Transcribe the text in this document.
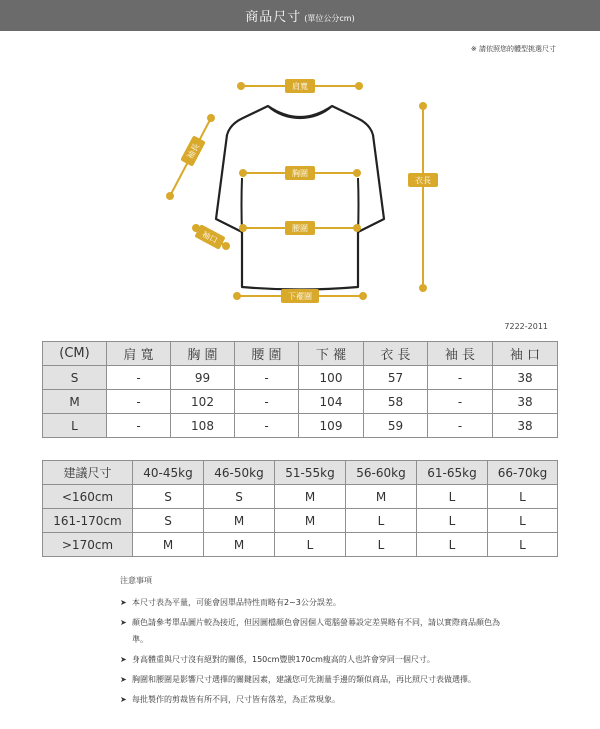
商品尺寸 (單位公分cm)
※ 請依照您的體型挑選尺寸
肩寬
袖長
胸圍
衣長
袖口
腰圍
下襬圍
7222-2011
(CM)	肩 寬	胸 圍	腰 圍	下 襬	衣 長	袖 長	袖 口
S	-	99	-	100	57	-	38
M	-	102	-	104	58	-	38
L	-	108	-	109	59	-	38
建議尺寸	40-45kg	46-50kg	51-55kg	56-60kg	61-65kg	66-70kg
<160cm	S	S	M	M	L	L
161-170cm	S	M	M	L	L	L
>170cm	M	M	L	L	L	L
注意事項
➤ 本尺寸表為平量，可能會因單品特性而略有2~3公分誤差。
➤ 顏色請參考單品圖片較為接近，但因圖檔顏色會因個人電腦螢幕設定差異略有不同，請以實際商品顏色為準。
➤ 身高體重與尺寸沒有絕對的關係，150cm豐腴170cm瘦高的人也許會穿同一個尺寸。
➤ 胸圍和腰圍是影響尺寸選擇的關鍵因素，建議您可先測量手邊的類似商品，再比照尺寸表做選擇。
➤ 每批製作的剪裁皆有所不同，尺寸皆有落差，為正常現象。
